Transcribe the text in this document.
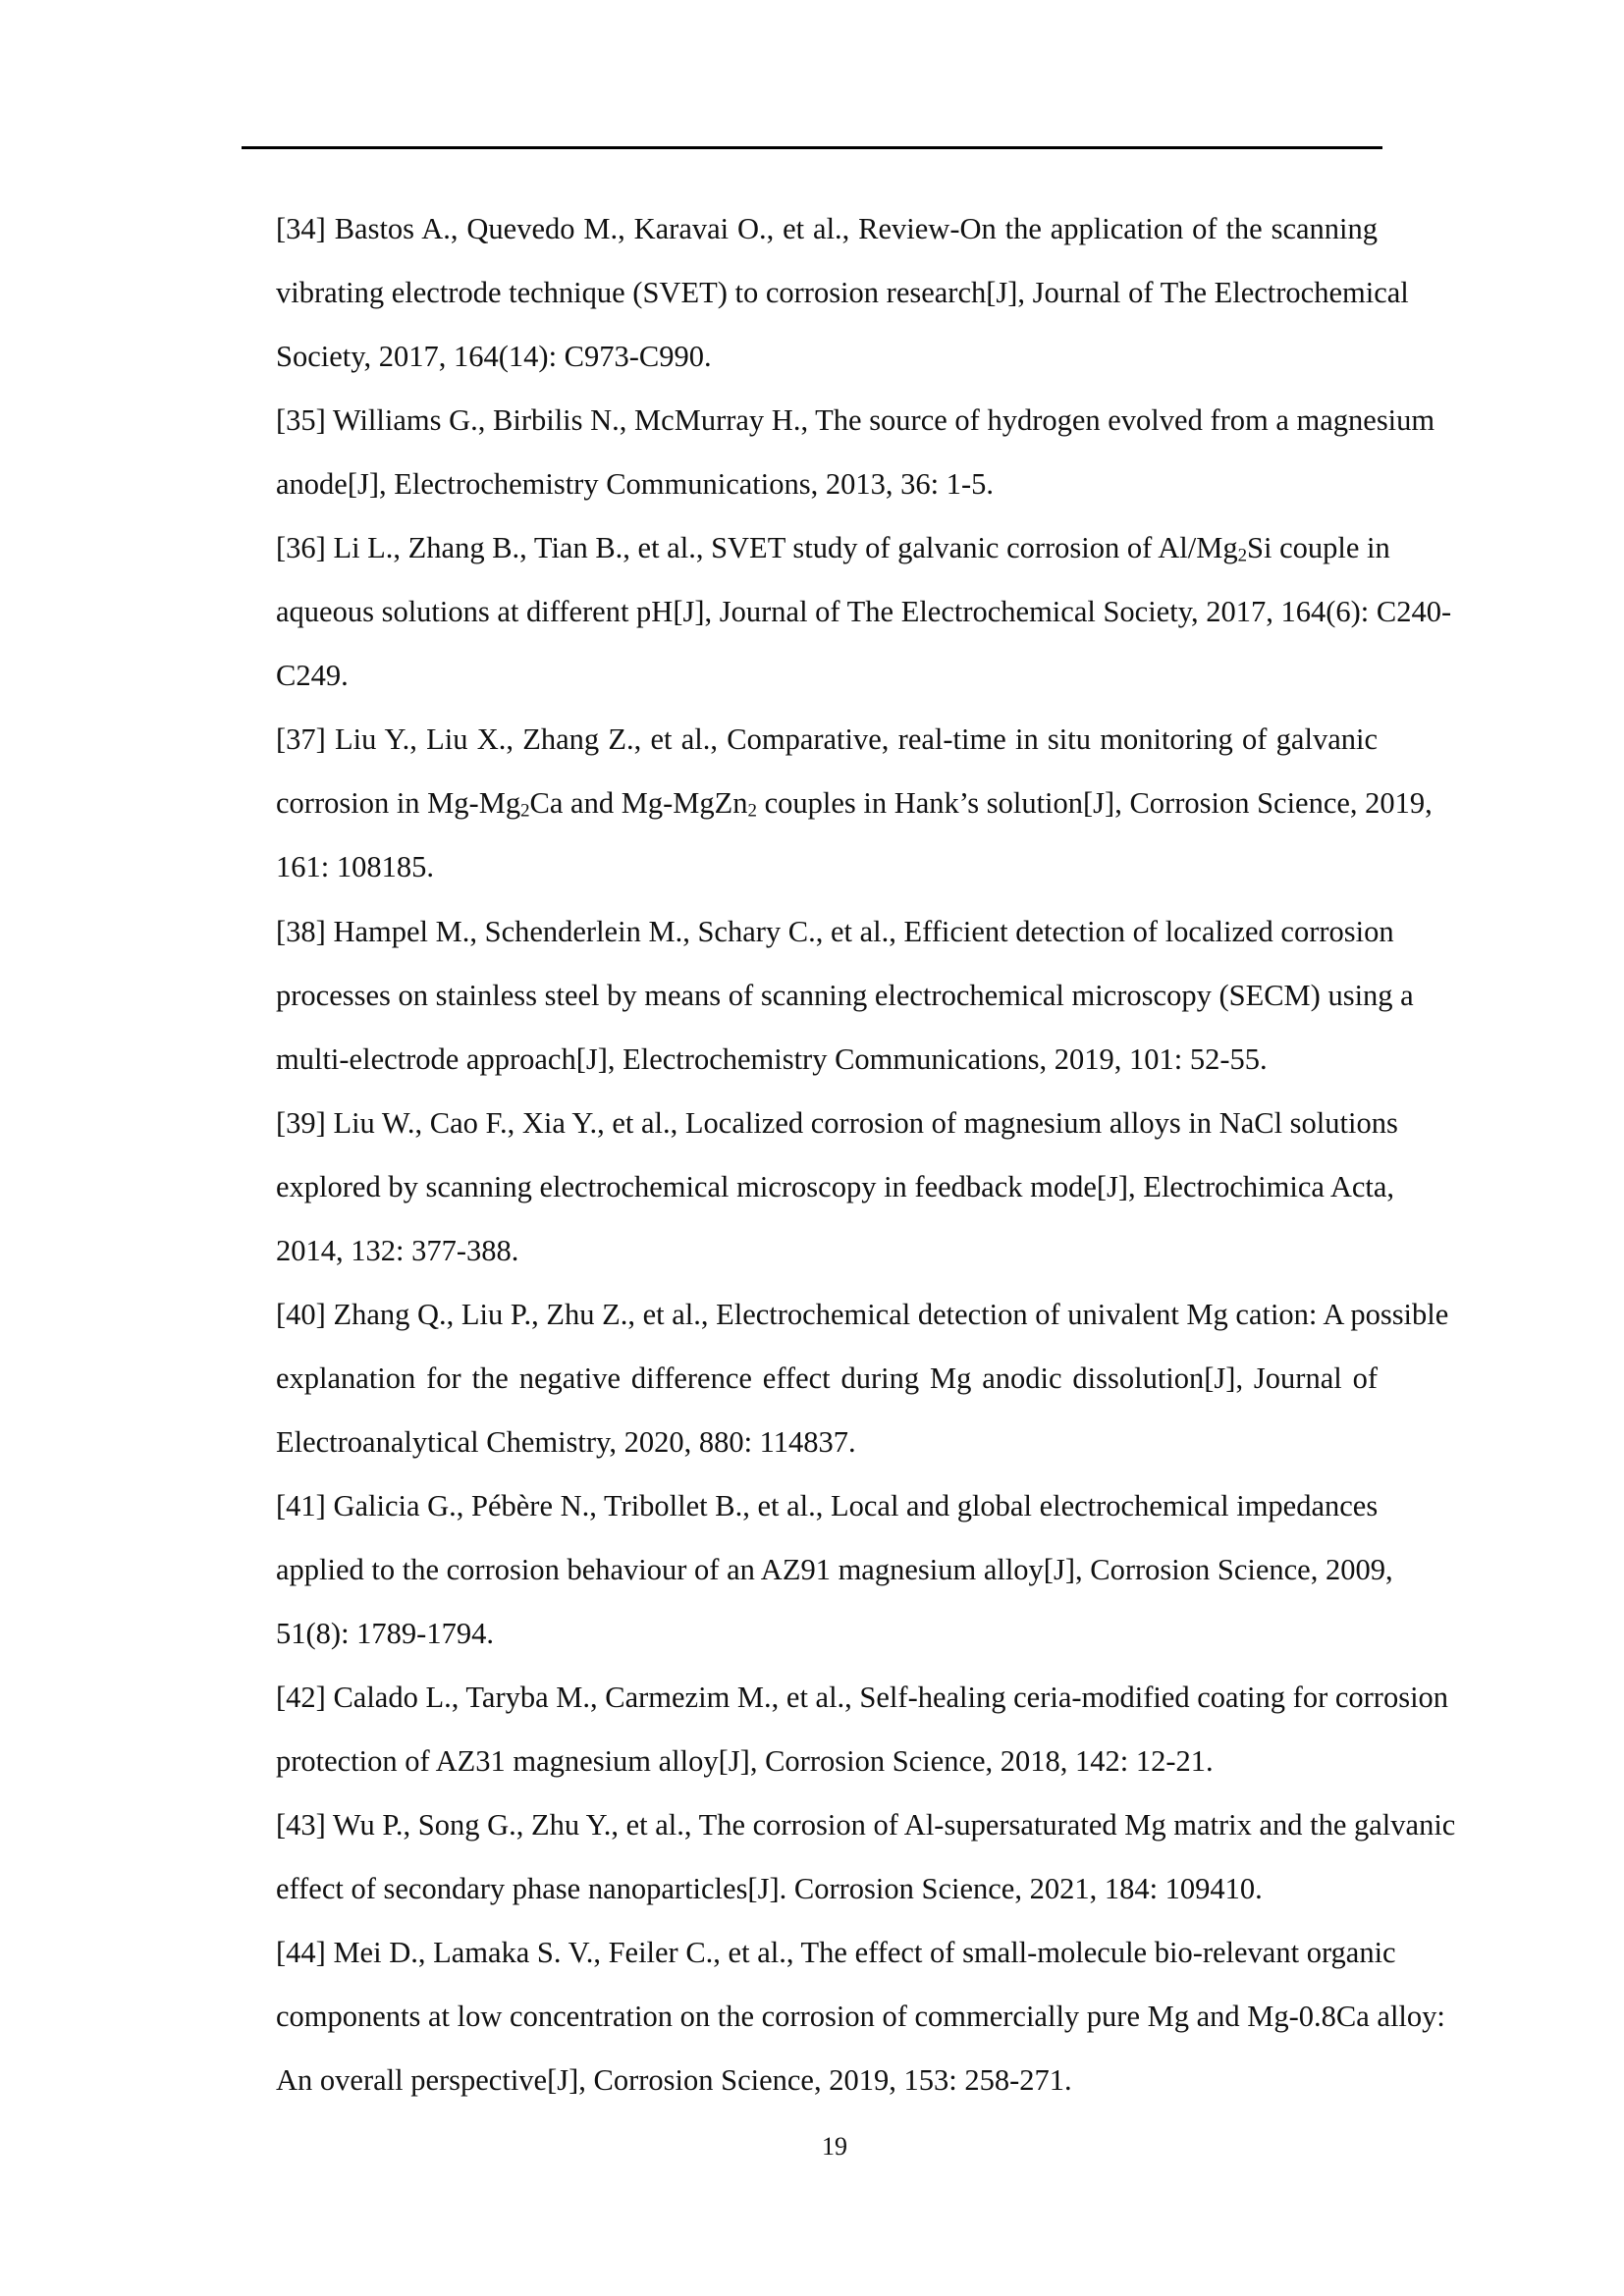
[34] Bastos A., Quevedo M., Karavai O., et al., Review-On the application of the scanning
vibrating electrode technique (SVET) to corrosion research[J], Journal of The Electrochemical
Society, 2017, 164(14): C973-C990.
[35] Williams G., Birbilis N., McMurray H., The source of hydrogen evolved from a magnesium
anode[J], Electrochemistry Communications, 2013, 36: 1-5.
[36] Li L., Zhang B., Tian B., et al., SVET study of galvanic corrosion of $Al/Mg_2Si$ couple in
aqueous solutions at different pH[J], Journal of The Electrochemical Society, 2017, 164(6): C240-
C249.
[37] Liu Y., Liu X., Zhang Z., et al., Comparative, real-time in situ monitoring of galvanic
corrosion in $Mg-Mg_2Ca$ and Mg-MgZn$_2$ couples in Hank’s solution[J], Corrosion Science, 2019,
161: 108185.
[38] Hampel M., Schenderlein M., Schary C., et al., Efficient detection of localized corrosion
processes on stainless steel by means of scanning electrochemical microscopy (SECM) using a
multi-electrode approach[J], Electrochemistry Communications, 2019, 101: 52-55.
[39] Liu W., Cao F., Xia Y., et al., Localized corrosion of magnesium alloys in NaCl solutions
explored by scanning electrochemical microscopy in feedback mode[J], Electrochimica Acta,
2014, 132: 377-388.
[40] Zhang Q., Liu P., Zhu Z., et al., Electrochemical detection of univalent Mg cation: A possible
explanation for the negative difference effect during Mg anodic dissolution[J], Journal of
Electroanalytical Chemistry, 2020, 880: 114837.
[41] Galicia G., Pébère N., Tribollet B., et al., Local and global electrochemical impedances
applied to the corrosion behaviour of an AZ91 magnesium alloy[J], Corrosion Science, 2009,
51(8): 1789-1794.
[42] Calado L., Taryba M., Carmezim M., et al., Self-healing ceria-modified coating for corrosion
protection of AZ31 magnesium alloy[J], Corrosion Science, 2018, 142: 12-21.
[43] Wu P., Song G., Zhu Y., et al., The corrosion of Al-supersaturated Mg matrix and the galvanic
effect of secondary phase nanoparticles[J]. Corrosion Science, 2021, 184: 109410.
[44] Mei D., Lamaka S. V., Feiler C., et al., The effect of small-molecule bio-relevant organic
components at low concentration on the corrosion of commercially pure Mg and Mg-0.8Ca alloy:
An overall perspective[J], Corrosion Science, 2019, 153: 258-271.
19
